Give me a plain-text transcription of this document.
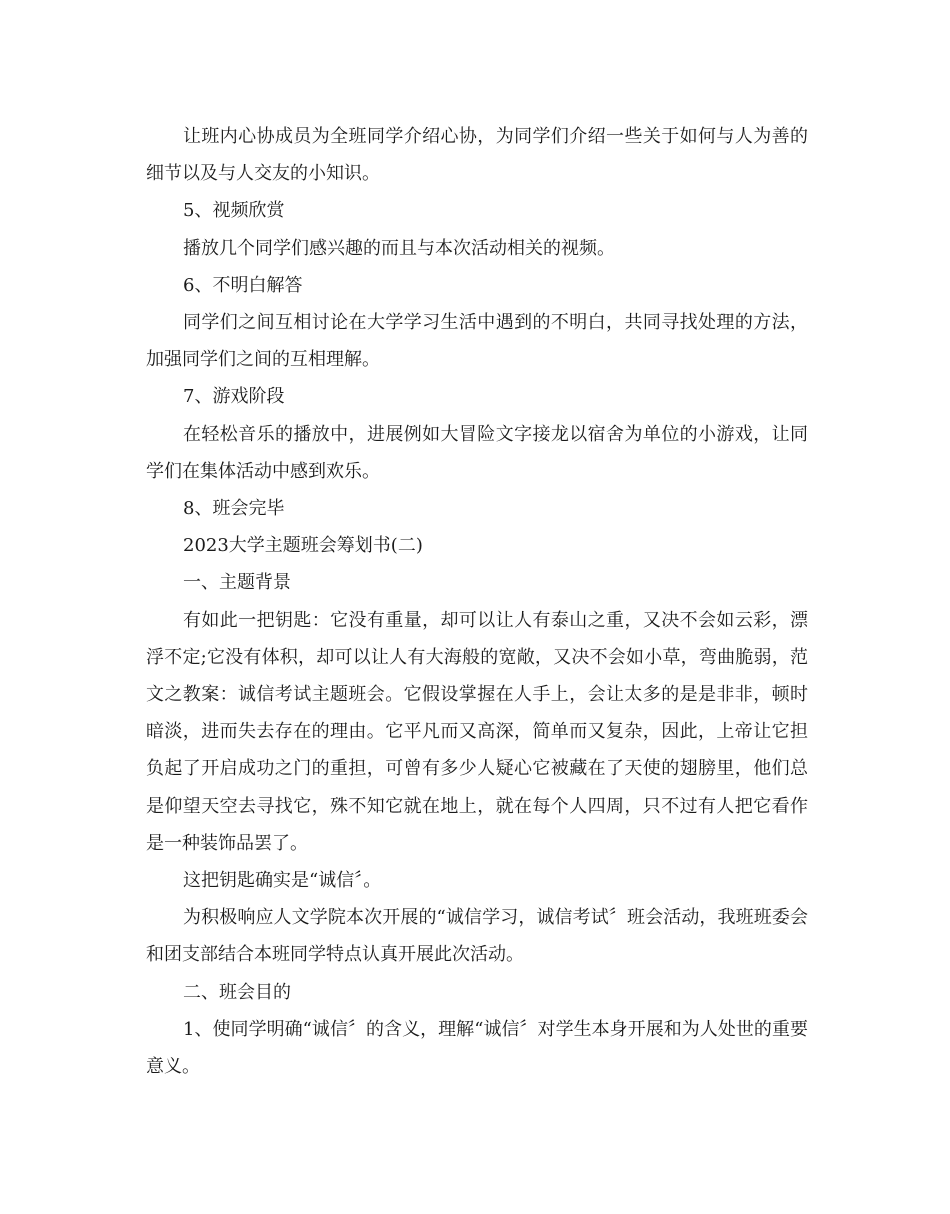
让班内心协成员为全班同学介绍心协，为同学们介绍一些关于如何与人为善的细节以及与人交友的小知识。

5、视频欣赏

播放几个同学们感兴趣的而且与本次活动相关的视频。

6、不明白解答

同学们之间互相讨论在大学学习生活中遇到的不明白，共同寻找处理的方法，加强同学们之间的互相理解。

7、游戏阶段

在轻松音乐的播放中，进展例如大冒险文字接龙以宿舍为单位的小游戏，让同学们在集体活动中感到欢乐。

8、班会完毕

2023大学主题班会筹划书(二)

一、主题背景

有如此一把钥匙：它没有重量，却可以让人有泰山之重，又决不会如云彩，漂浮不定;它没有体积，却可以让人有大海般的宽敞，又决不会如小草，弯曲脆弱，范文之教案：诚信考试主题班会。它假设掌握在人手上，会让太多的是是非非，顿时暗淡，进而失去存在的理由。它平凡而又高深，简单而又复杂，因此，上帝让它担负起了开启成功之门的重担，可曾有多少人疑心它被藏在了天使的翅膀里，他们总是仰望天空去寻找它，殊不知它就在地上，就在每个人四周，只不过有人把它看作是一种装饰品罢了。

这把钥匙确实是“诚信〞。

为积极响应人文学院本次开展的“诚信学习，诚信考试〞班会活动，我班班委会和团支部结合本班同学特点认真开展此次活动。

二、班会目的

1、使同学明确“诚信〞的含义，理解“诚信〞对学生本身开展和为人处世的重要意义。
